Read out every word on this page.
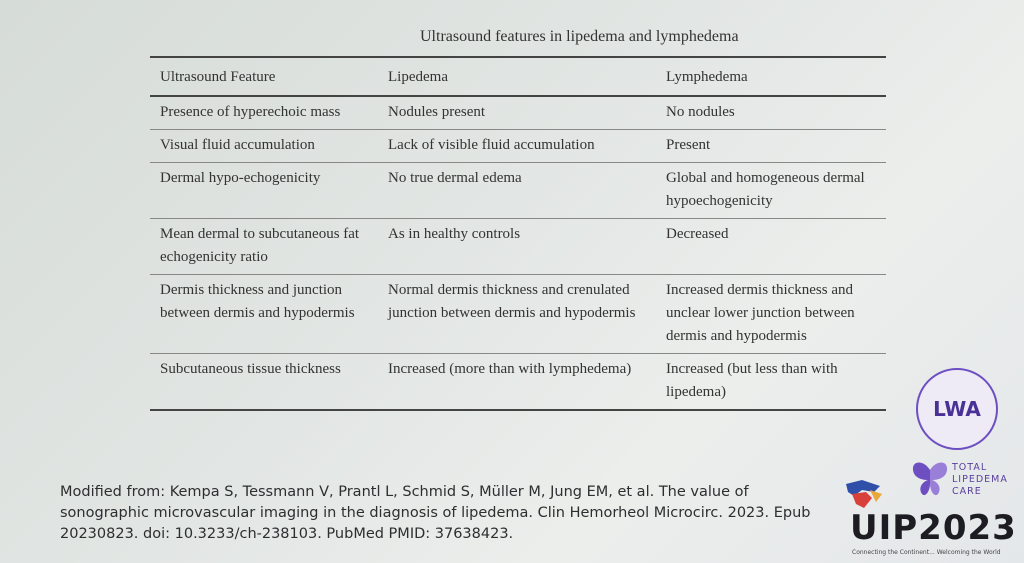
Ultrasound features in lipedema and lymphedema
Ultrasound Feature	Lipedema	Lymphedema
Presence of hyperechoic mass	Nodules present	No nodules
Visual fluid accumulation	Lack of visible fluid accumulation	Present
Dermal hypo-echogenicity	No true dermal edema	Global and homogeneous dermal hypoechogenicity
Mean dermal to subcutaneous fat echogenicity ratio	As in healthy controls	Decreased
Dermis thickness and junction between dermis and hypodermis	Normal dermis thickness and crenulated junction between dermis and hypodermis	Increased dermis thickness and unclear lower junction between dermis and hypodermis
Subcutaneous tissue thickness	Increased (more than with lymphedema)	Increased (but less than with lipedema)
Modified from: Kempa S, Tessmann V, Prantl L, Schmid S, Müller M, Jung EM, et al. The value of sonographic microvascular imaging in the diagnosis of lipedema. Clin Hemorheol Microcirc. 2023. Epub 20230823. doi: 10.3233/ch-238103. PubMed PMID: 37638423.
LWA
TOTAL
LIPEDEMA
CARE
UIP2023
Connecting the Continent... Welcoming the World
